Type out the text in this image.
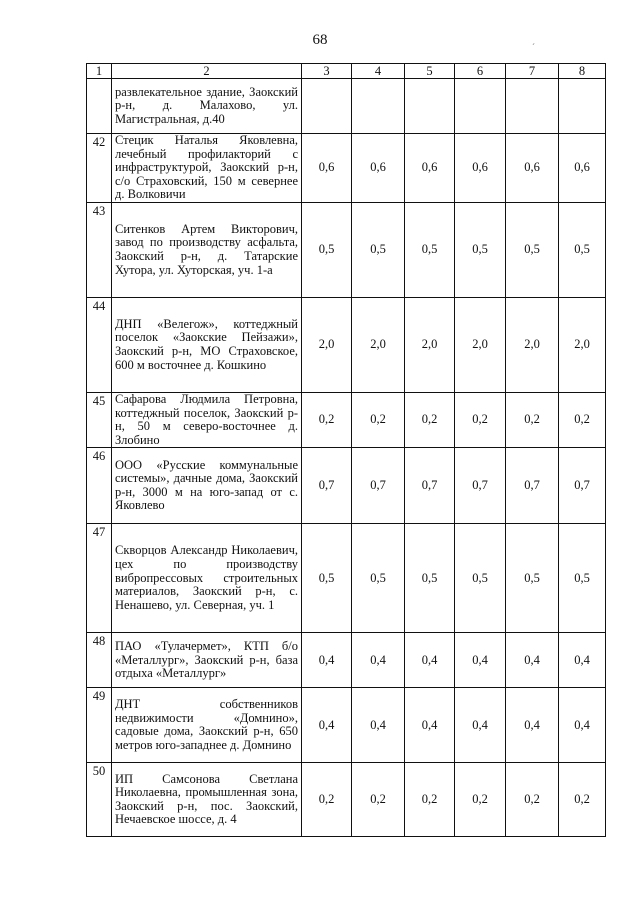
68	´
1	2	3	4	5	6	7	8
	развлекательное здание, Заокский р-н, д. Малахово, ул. Магистральная, д.40						
42	Стецик Наталья Яковлевна, лечебный профилакторий с инфраструктурой, Заокский р-н, с/о Страховский, 150 м севернее д. Волковичи	0,6	0,6	0,6	0,6	0,6	0,6
43	Ситенков Артем Викторович, завод по производству асфальта, Заокский р-н, д. Татарские Хутора, ул. Хуторская, уч. 1-а	0,5	0,5	0,5	0,5	0,5	0,5
44	ДНП «Велегож», коттеджный поселок «Заокские Пейзажи», Заокский р-н, МО Страховское, 600 м восточнее д. Кошкино	2,0	2,0	2,0	2,0	2,0	2,0
45	Сафарова Людмила Петровна, коттеджный поселок, Заокский р-н, 50 м северо-восточнее д. Злобино	0,2	0,2	0,2	0,2	0,2	0,2
46	ООО «Русские коммунальные системы», дачные дома, Заокский р-н, 3000 м на юго-запад от с. Яковлево	0,7	0,7	0,7	0,7	0,7	0,7
47	Скворцов Александр Николаевич, цех по производству вибропрессовых строительных материалов, Заокский р-н, с. Ненашево, ул. Северная, уч. 1	0,5	0,5	0,5	0,5	0,5	0,5
48	ПАО «Тулачермет», КТП б/о «Металлург», Заокский р-н, база отдыха «Металлург»	0,4	0,4	0,4	0,4	0,4	0,4
49	ДНТ собственников недвижимости «Домнино», садовые дома, Заокский р-н, 650 метров юго-западнее д. Домнино	0,4	0,4	0,4	0,4	0,4	0,4
50	ИП Самсонова Светлана Николаевна, промышленная зона, Заокский р-н, пос. Заокский, Нечаевское шоссе, д. 4	0,2	0,2	0,2	0,2	0,2	0,2
